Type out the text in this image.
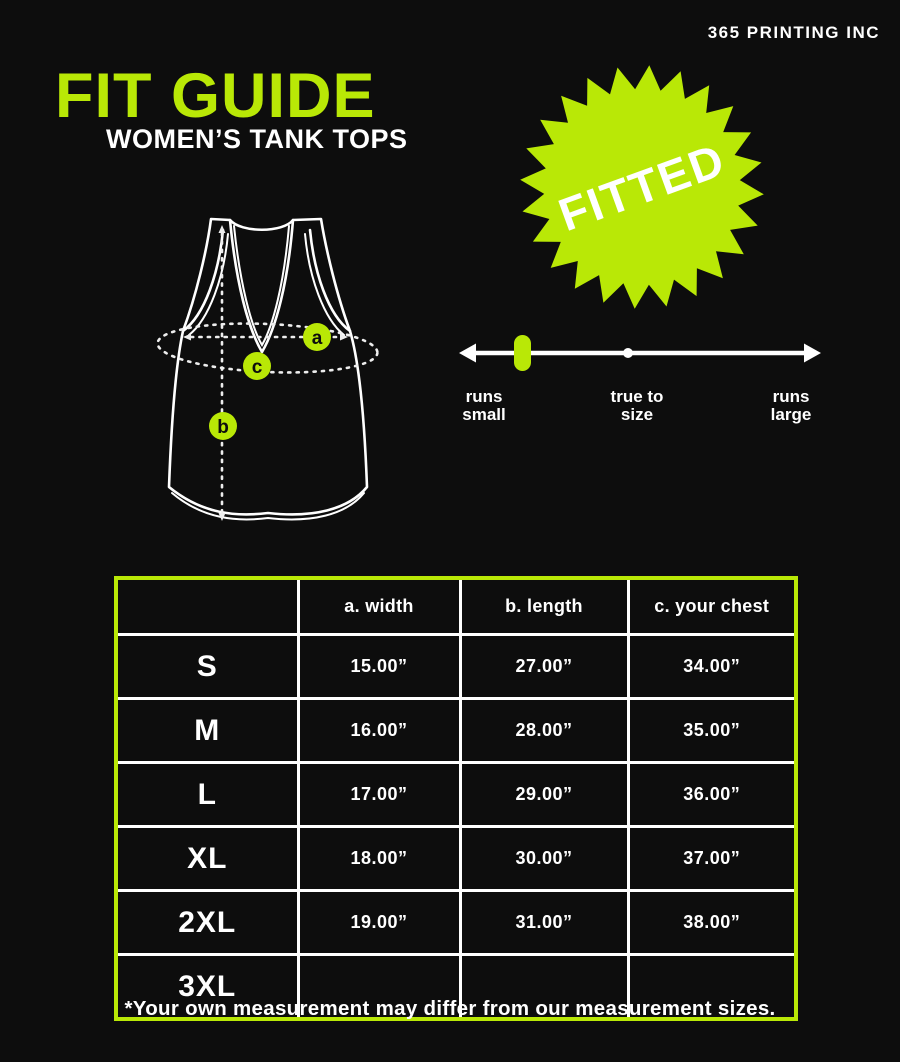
365 PRINTING INC
FIT GUIDE
WOMEN’S TANK TOPS	FITTED
a
b
c
runs
small
true to
size
runs
large
	a. width	b. length	c. your chest
S	15.00”	27.00”	34.00”
M	16.00”	28.00”	35.00”
L	17.00”	29.00”	36.00”
XL	18.00”	30.00”	37.00”
2XL	19.00”	31.00”	38.00”
3XL			
*Your own measurement may differ from our measurement sizes.
